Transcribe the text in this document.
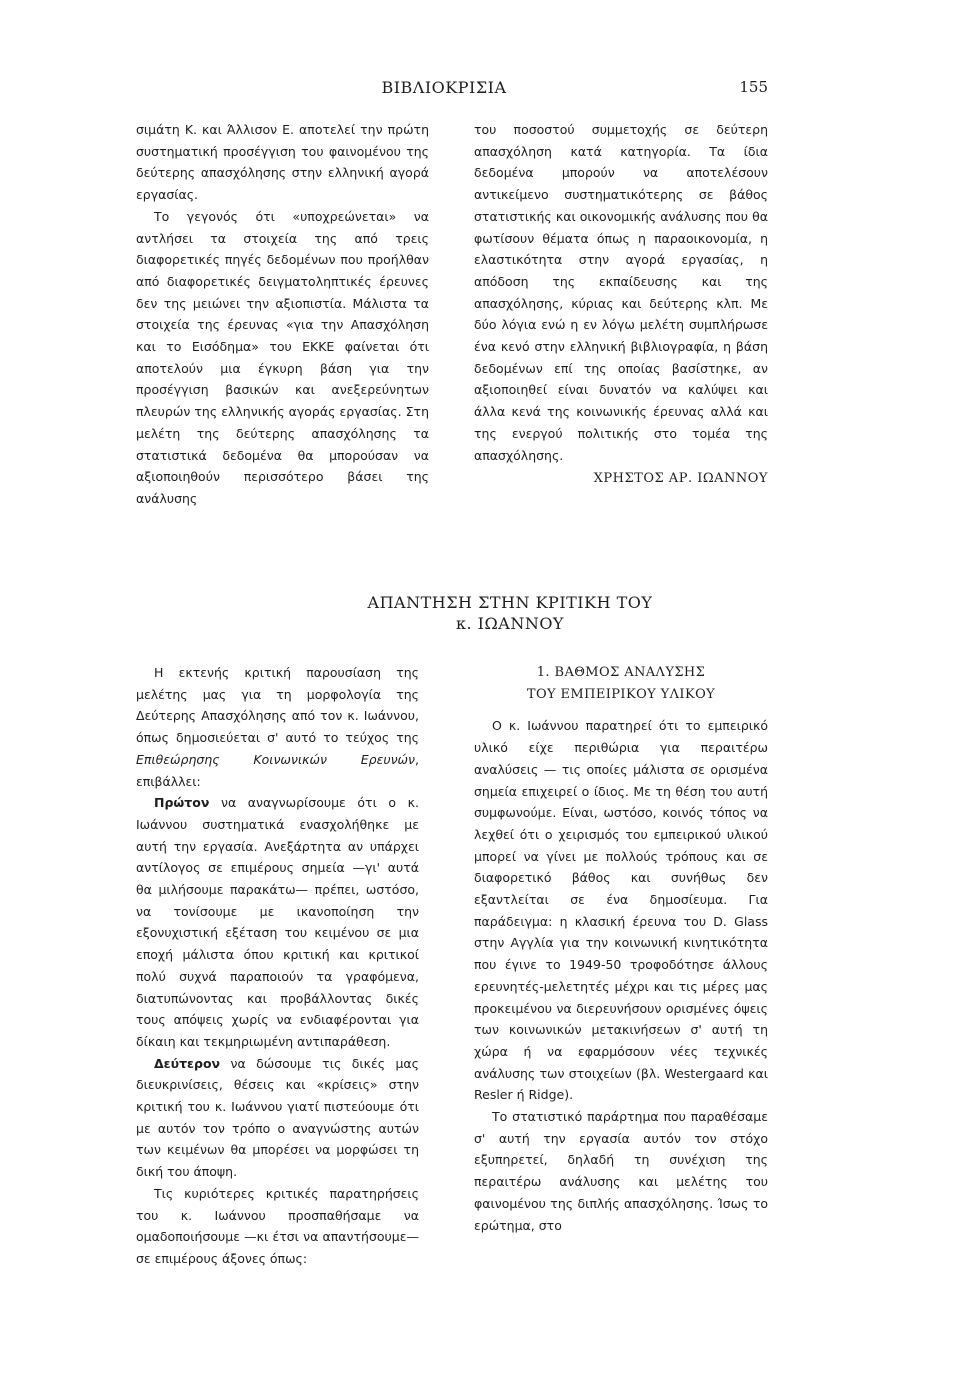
ΒΙΒΛΙΟΚΡΙΣΙΑ	155

σιμάτη Κ. και Άλλισον Ε. αποτελεί την πρώτη συστηματική προσέγγιση του φαινομένου της δεύτερης απασχόλησης στην ελληνική αγορά εργασίας.

Το γεγονός ότι «υποχρεώνεται» να αντλήσει τα στοιχεία της από τρεις διαφορετικές πηγές δεδομένων που προήλθαν από διαφορετικές δειγματοληπτικές έρευνες δεν της μειώνει την αξιοπιστία. Μάλιστα τα στοιχεία της έρευνας «για την Απασχόληση και το Εισόδημα» του ΕΚΚΕ φαίνεται ότι αποτελούν μια έγκυρη βάση για την προσέγγιση βασικών και ανεξερεύνητων πλευρών της ελληνικής αγοράς εργασίας. Στη μελέτη της δεύτερης απασχόλησης τα στατιστικά δεδομένα θα μπορούσαν να αξιοποιηθούν περισσότερο βάσει της ανάλυσης

του ποσοστού συμμετοχής σε δεύτερη απασχόληση κατά κατηγορία. Τα ίδια δεδομένα μπορούν να αποτελέσουν αντικείμενο συστηματικότερης σε βάθος στατιστικής και οικονομικής ανάλυσης που θα φωτίσουν θέματα όπως η παραοικονομία, η ελαστικότητα στην αγορά εργασίας, η απόδοση της εκπαίδευσης και της απασχόλησης, κύριας και δεύτερης κλπ. Με δύο λόγια ενώ η εν λόγω μελέτη συμπλήρωσε ένα κενό στην ελληνική βιβλιογραφία, η βάση δεδομένων επί της οποίας βασίστηκε, αν αξιοποιηθεί είναι δυνατόν να καλύψει και άλλα κενά της κοινωνικής έρευνας αλλά και της ενεργού πολιτικής στο τομέα της απασχόλησης.

ΧΡΗΣΤΟΣ ΑΡ. ΙΩΑΝΝΟΥ
ΑΠΑΝΤΗΣΗ ΣΤΗΝ ΚΡΙΤΙΚΗ ΤΟΥ
κ. ΙΩΑΝΝΟΥ

Η εκτενής κριτική παρουσίαση της μελέτης μας για τη μορφολογία της Δεύτερης Απασχόλησης από τον κ. Ιωάννου, όπως δημοσιεύεται σ' αυτό το τεύχος της Επιθεώρησης Κοινωνικών Ερευνών, επιβάλλει:

Πρώτον να αναγνωρίσουμε ότι ο κ. Ιωάννου συστηματικά ενασχολήθηκε με αυτή την εργασία. Ανεξάρτητα αν υπάρχει αντίλογος σε επιμέρους σημεία —γι' αυτά θα μιλήσουμε παρακάτω— πρέπει, ωστόσο, να τονίσουμε με ικανοποίηση την εξονυχιστική εξέταση του κειμένου σε μια εποχή μάλιστα όπου κριτική και κριτικοί πολύ συχνά παραποιούν τα γραφόμενα, διατυπώνοντας και προβάλλοντας δικές τους απόψεις χωρίς να ενδιαφέρονται για δίκαιη και τεκμηριωμένη αντιπαράθεση.

Δεύτερον να δώσουμε τις δικές μας διευκρινίσεις, θέσεις και «κρίσεις» στην κριτική του κ. Ιωάννου γιατί πιστεύουμε ότι με αυτόν τον τρόπο ο αναγνώστης αυτών των κειμένων θα μπορέσει να μορφώσει τη δική του άποψη.

Τις κυριότερες κριτικές παρατηρήσεις του κ. Ιωάννου προσπαθήσαμε να ομαδοποιήσουμε —κι έτσι να απαντήσουμε— σε επιμέρους άξονες όπως:

1. ΒΑΘΜΟΣ ΑΝΑΛΥΣΗΣ
ΤΟΥ ΕΜΠΕΙΡΙΚΟΥ ΥΛΙΚΟΥ

Ο κ. Ιωάννου παρατηρεί ότι το εμπειρικό υλικό είχε περιθώρια για περαιτέρω αναλύσεις — τις οποίες μάλιστα σε ορισμένα σημεία επιχειρεί ο ίδιος. Με τη θέση του αυτή συμφωνούμε. Είναι, ωστόσο, κοινός τόπος να λεχθεί ότι ο χειρισμός του εμπειρικού υλικού μπορεί να γίνει με πολλούς τρόπους και σε διαφορετικό βάθος και συνήθως δεν εξαντλείται σε ένα δημοσίευμα. Για παράδειγμα: η κλασική έρευνα του D. Glass στην Αγγλία για την κοινωνική κινητικότητα που έγινε το 1949-50 τροφοδότησε άλλους ερευνητές-μελετητές μέχρι και τις μέρες μας προκειμένου να διερευνήσουν ορισμένες όψεις των κοινωνικών μετακινήσεων σ' αυτή τη χώρα ή να εφαρμόσουν νέες τεχνικές ανάλυσης των στοιχείων (βλ. Westergaard και Resler ή Ridge).

Το στατιστικό παράρτημα που παραθέσαμε σ' αυτή την εργασία αυτόν τον στόχο εξυπηρετεί, δηλαδή τη συνέχιση της περαιτέρω ανάλυσης και μελέτης του φαινομένου της διπλής απασχόλησης. Ίσως το ερώτημα, στο
